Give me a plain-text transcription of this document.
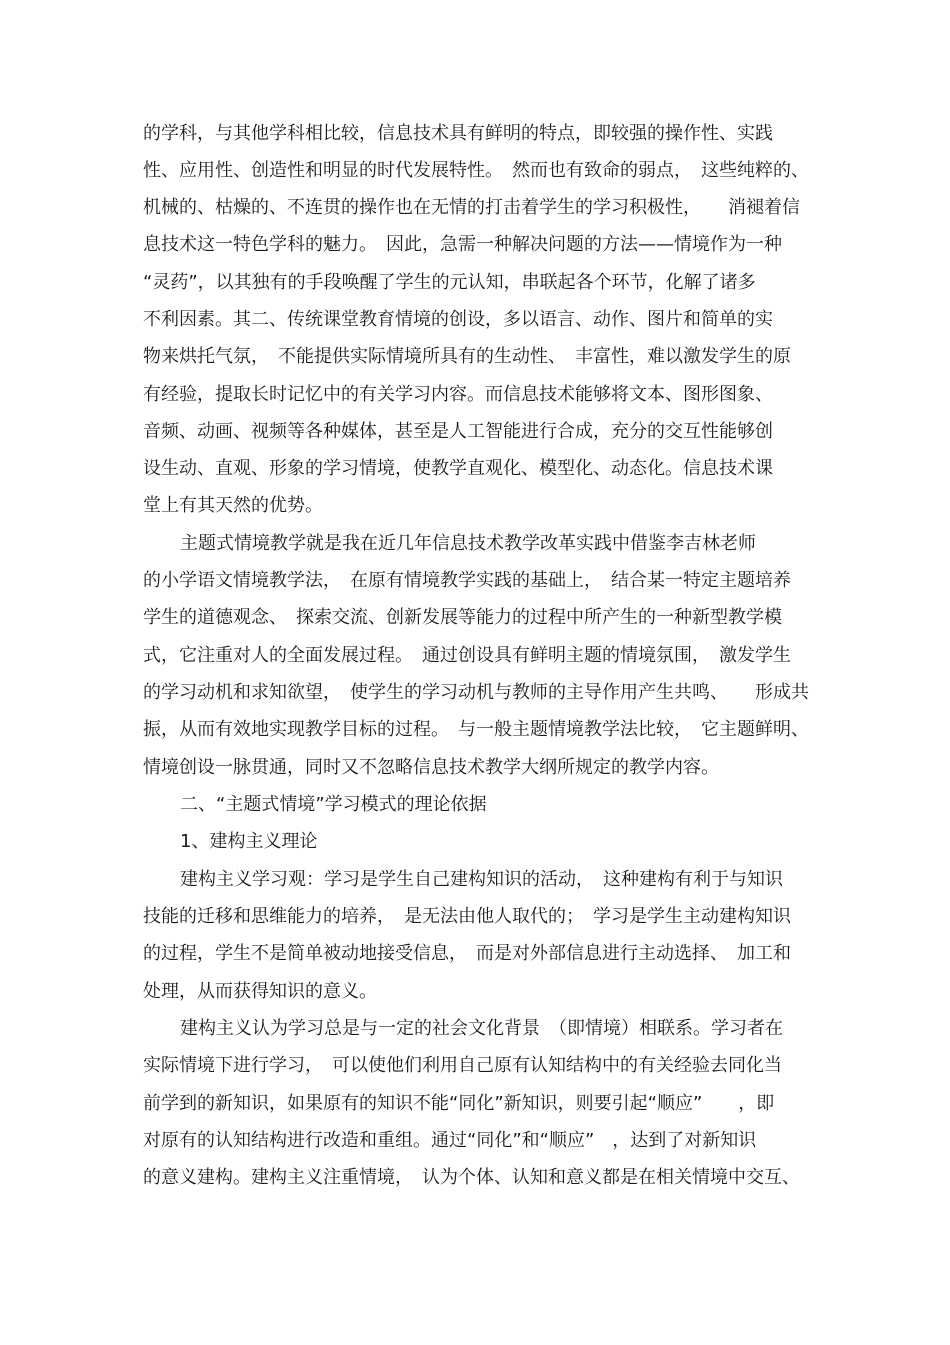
的学科，与其他学科相比较，信息技术具有鲜明的特点，即较强的操作性、实践
性、应用性、创造性和明显的时代发展特性。　然而也有致命的弱点，　这些纯粹的、
机械的、枯燥的、不连贯的操作也在无情的打击着学生的学习积极性，　　消褪着信
息技术这一特色学科的魅力。　因此，急需一种解决问题的方法——情境作为一种
“灵药”，以其独有的手段唤醒了学生的元认知，串联起各个环节，化解了诸多
不利因素。其二、传统课堂教育情境的创设，多以语言、动作、图片和简单的实
物来烘托气氛，　不能提供实际情境所具有的生动性、　丰富性，难以激发学生的原
有经验，提取长时记忆中的有关学习内容。而信息技术能够将文本、图形图象、
音频、动画、视频等各种媒体，甚至是人工智能进行合成，充分的交互性能够创
设生动、直观、形象的学习情境，使教学直观化、模型化、动态化。信息技术课
堂上有其天然的优势。
主题式情境教学就是我在近几年信息技术教学改革实践中借鉴李吉林老师
的小学语文情境教学法，　在原有情境教学实践的基础上，　结合某一特定主题培养
学生的道德观念、　探索交流、创新发展等能力的过程中所产生的一种新型教学模
式，它注重对人的全面发展过程。　通过创设具有鲜明主题的情境氛围，　激发学生
的学习动机和求知欲望，　使学生的学习动机与教师的主导作用产生共鸣、　　形成共
振，从而有效地实现教学目标的过程。　与一般主题情境教学法比较，　它主题鲜明、
情境创设一脉贯通，同时又不忽略信息技术教学大纲所规定的教学内容。
二、“主题式情境”学习模式的理论依据
1、建构主义理论
建构主义学习观：学习是学生自己建构知识的活动，　这种建构有利于与知识
技能的迁移和思维能力的培养，　是无法由他人取代的；　学习是学生主动建构知识
的过程，学生不是简单被动地接受信息，　而是对外部信息进行主动选择、　加工和
处理，从而获得知识的意义。
建构主义认为学习总是与一定的社会文化背景　（即情境）相联系。学习者在
实际情境下进行学习，　可以使他们利用自己原有认知结构中的有关经验去同化当
前学到的新知识，如果原有的知识不能“同化”新知识，则要引起“顺应”　　，即
对原有的认知结构进行改造和重组。通过“同化”和“顺应”　，达到了对新知识
的意义建构。建构主义注重情境，　认为个体、认知和意义都是在相关情境中交互、
